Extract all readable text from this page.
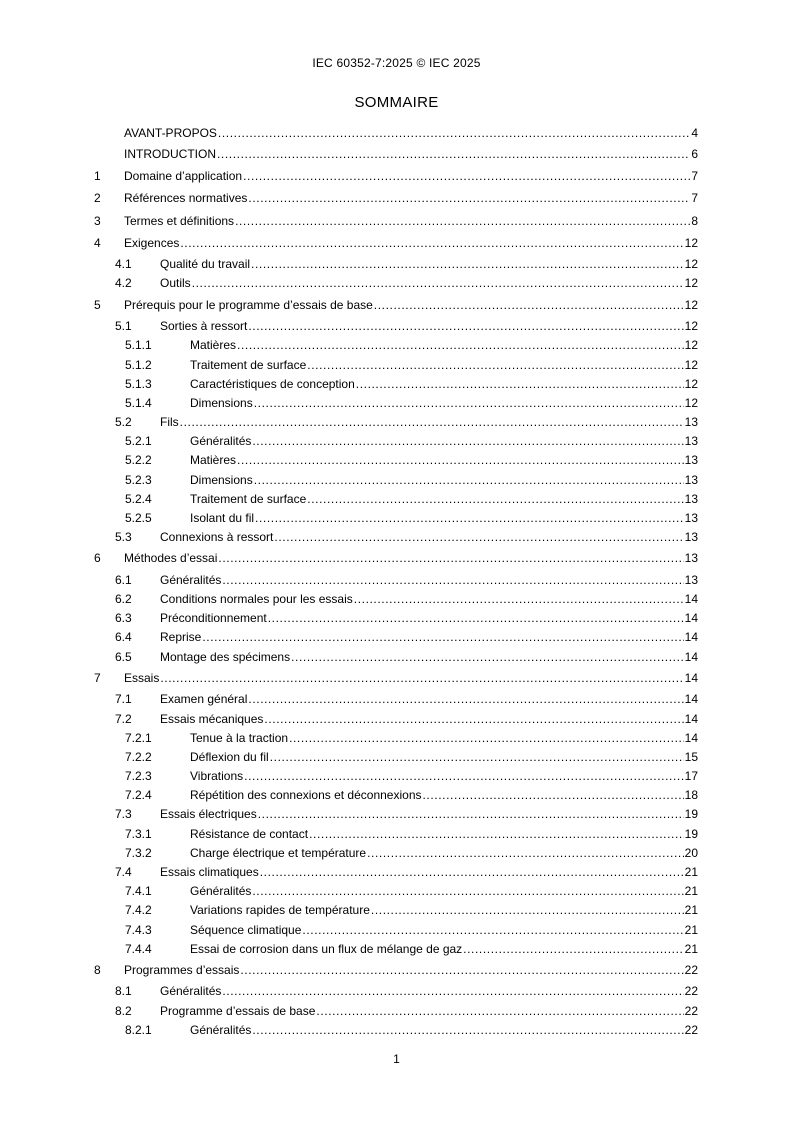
IEC 60352-7:2025 © IEC 2025
SOMMAIRE
AVANT-PROPOS .....	4
INTRODUCTION .....	6
1	Domaine d’application .....	7
2	Références normatives .....	7
3	Termes et définitions .....	8
4	Exigences .....	12
4.1	Qualité du travail .....	12
4.2	Outils .....	12
5	Prérequis pour le programme d’essais de base .....	12
5.1	Sorties à ressort .....	12
5.1.1	Matières .....	12
5.1.2	Traitement de surface .....	12
5.1.3	Caractéristiques de conception .....	12
5.1.4	Dimensions .....	12
5.2	Fils .....	13
5.2.1	Généralités .....	13
5.2.2	Matières .....	13
5.2.3	Dimensions .....	13
5.2.4	Traitement de surface .....	13
5.2.5	Isolant du fil .....	13
5.3	Connexions à ressort .....	13
6	Méthodes d’essai .....	13
6.1	Généralités .....	13
6.2	Conditions normales pour les essais .....	14
6.3	Préconditionnement .....	14
6.4	Reprise .....	14
6.5	Montage des spécimens .....	14
7	Essais .....	14
7.1	Examen général .....	14
7.2	Essais mécaniques .....	14
7.2.1	Tenue à la traction .....	14
7.2.2	Déflexion du fil .....	15
7.2.3	Vibrations .....	17
7.2.4	Répétition des connexions et déconnexions .....	18
7.3	Essais électriques .....	19
7.3.1	Résistance de contact .....	19
7.3.2	Charge électrique et température .....	20
7.4	Essais climatiques .....	21
7.4.1	Généralités .....	21
7.4.2	Variations rapides de température .....	21
7.4.3	Séquence climatique .....	21
7.4.4	Essai de corrosion dans un flux de mélange de gaz .....	21
8	Programmes d’essais .....	22
8.1	Généralités .....	22
8.2	Programme d’essais de base .....	22
8.2.1	Généralités .....	22
1
